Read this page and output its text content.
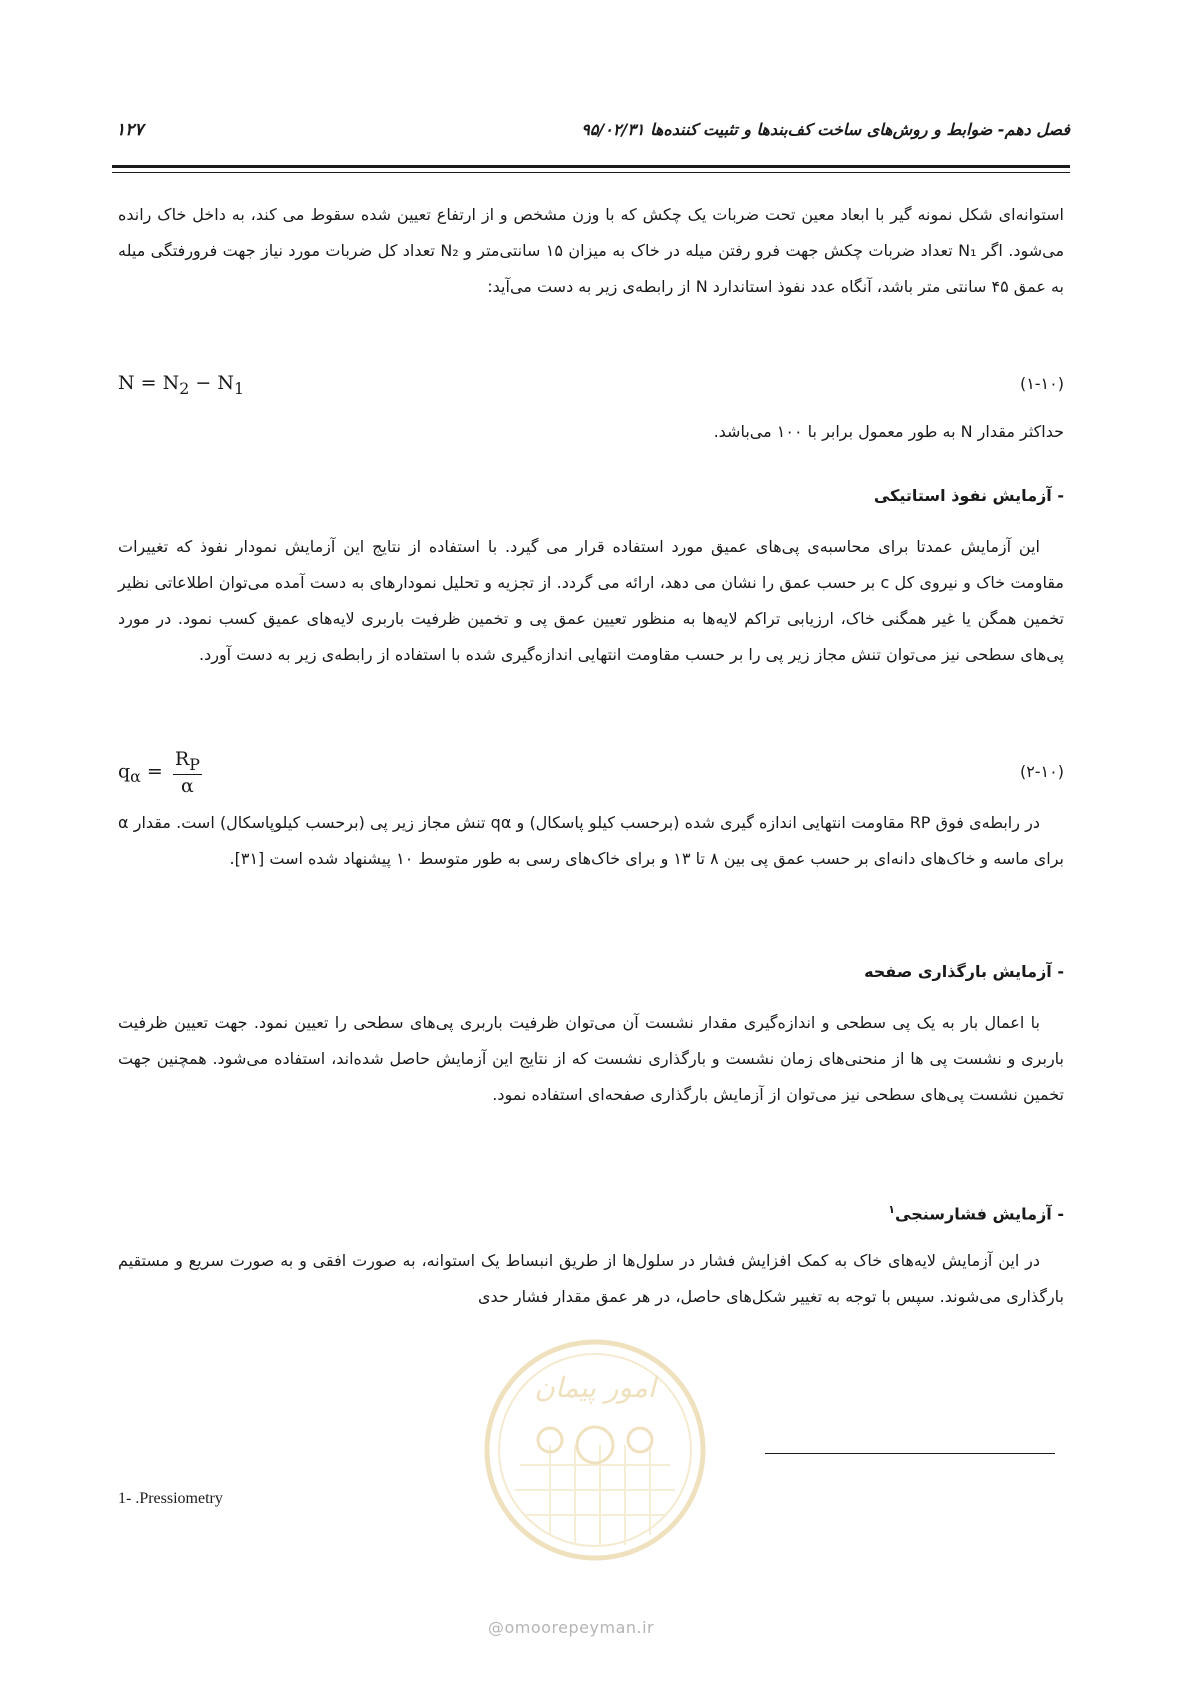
فصل دهم- ضوابط و روش‌های ساخت کف‌بندها و تثبیت کننده‌ها ۹۵/۰۲/۳۱
۱۲۷
استوانه‌ای شکل نمونه گیر با ابعاد معین تحت ضربات یک چکش که با وزن مشخص و از ارتفاع تعیین شده سقوط می کند، به داخل خاک رانده می‌شود. اگر N₁ تعداد ضربات چکش جهت فرو رفتن میله در خاک به میزان ۱۵ سانتی‌متر و N₂ تعداد کل ضربات مورد نیاز جهت فرورفتگی میله به عمق ۴۵ سانتی متر باشد، آنگاه عدد نفوذ استاندارد N از رابطه‌ی زیر به دست می‌آید:
(۱-۱۰)
$N = N_2 - N_1$
حداکثر مقدار N به طور معمول برابر با ۱۰۰ می‌باشد.
- آزمایش نفوذ استاتیکی
این آزمایش عمدتا برای محاسبه‌ی پی‌های عمیق مورد استفاده قرار می گیرد. با استفاده از نتایج این آزمایش نمودار نفوذ که تغییرات مقاومت خاک و نیروی کل c بر حسب عمق را نشان می دهد، ارائه می گردد. از تجزیه و تحلیل نمودارهای به دست آمده می‌توان اطلاعاتی نظیر تخمین همگن یا غیر همگنی خاک، ارزیابی تراکم لایه‌ها به منظور تعیین عمق پی و تخمین ظرفیت باربری لایه‌های عمیق کسب نمود. در مورد پی‌های سطحی نیز می‌توان تنش مجاز زیر پی را بر حسب مقاومت انتهایی اندازه‌گیری شده با استفاده از رابطه‌ی زیر به دست آورد.
(۲-۱۰)
$q_\alpha = \frac{R_P}{\alpha}$
در رابطه‌ی فوق RP مقاومت انتهایی اندازه گیری شده (برحسب کیلو پاسکال) و qα تنش مجاز زیر پی (برحسب کیلوپاسکال) است. مقدار α برای ماسه و خاک‌های دانه‌ای بر حسب عمق پی بین ۸ تا ۱۳ و برای خاک‌های رسی به طور متوسط ۱۰ پیشنهاد شده است [۳۱].
- آزمایش بارگذاری صفحه
با اعمال بار به یک پی سطحی و اندازه‌گیری مقدار نشست آن می‌توان ظرفیت باربری پی‌های سطحی را تعیین نمود. جهت تعیین ظرفیت باربری و نشست پی ها از منحنی‌های زمان نشست و بارگذاری نشست که از نتایج این آزمایش حاصل شده‌اند، استفاده می‌شود. همچنین جهت تخمین نشست پی‌های سطحی نیز می‌توان از آزمایش بارگذاری صفحه‌ای استفاده نمود.
- آزمایش فشارسنجی$^۱$
در این آزمایش لایه‌های خاک به کمک افزایش فشار در سلول‌ها از طریق انبساط یک استوانه، به صورت افقی و به صورت سریع و مستقیم بارگذاری می‌شوند. سپس با توجه به تغییر شکل‌های حاصل، در هر عمق مقدار فشار حدی
امور پیمان
@omoorepeyman.ir
1- .Pressiometry
